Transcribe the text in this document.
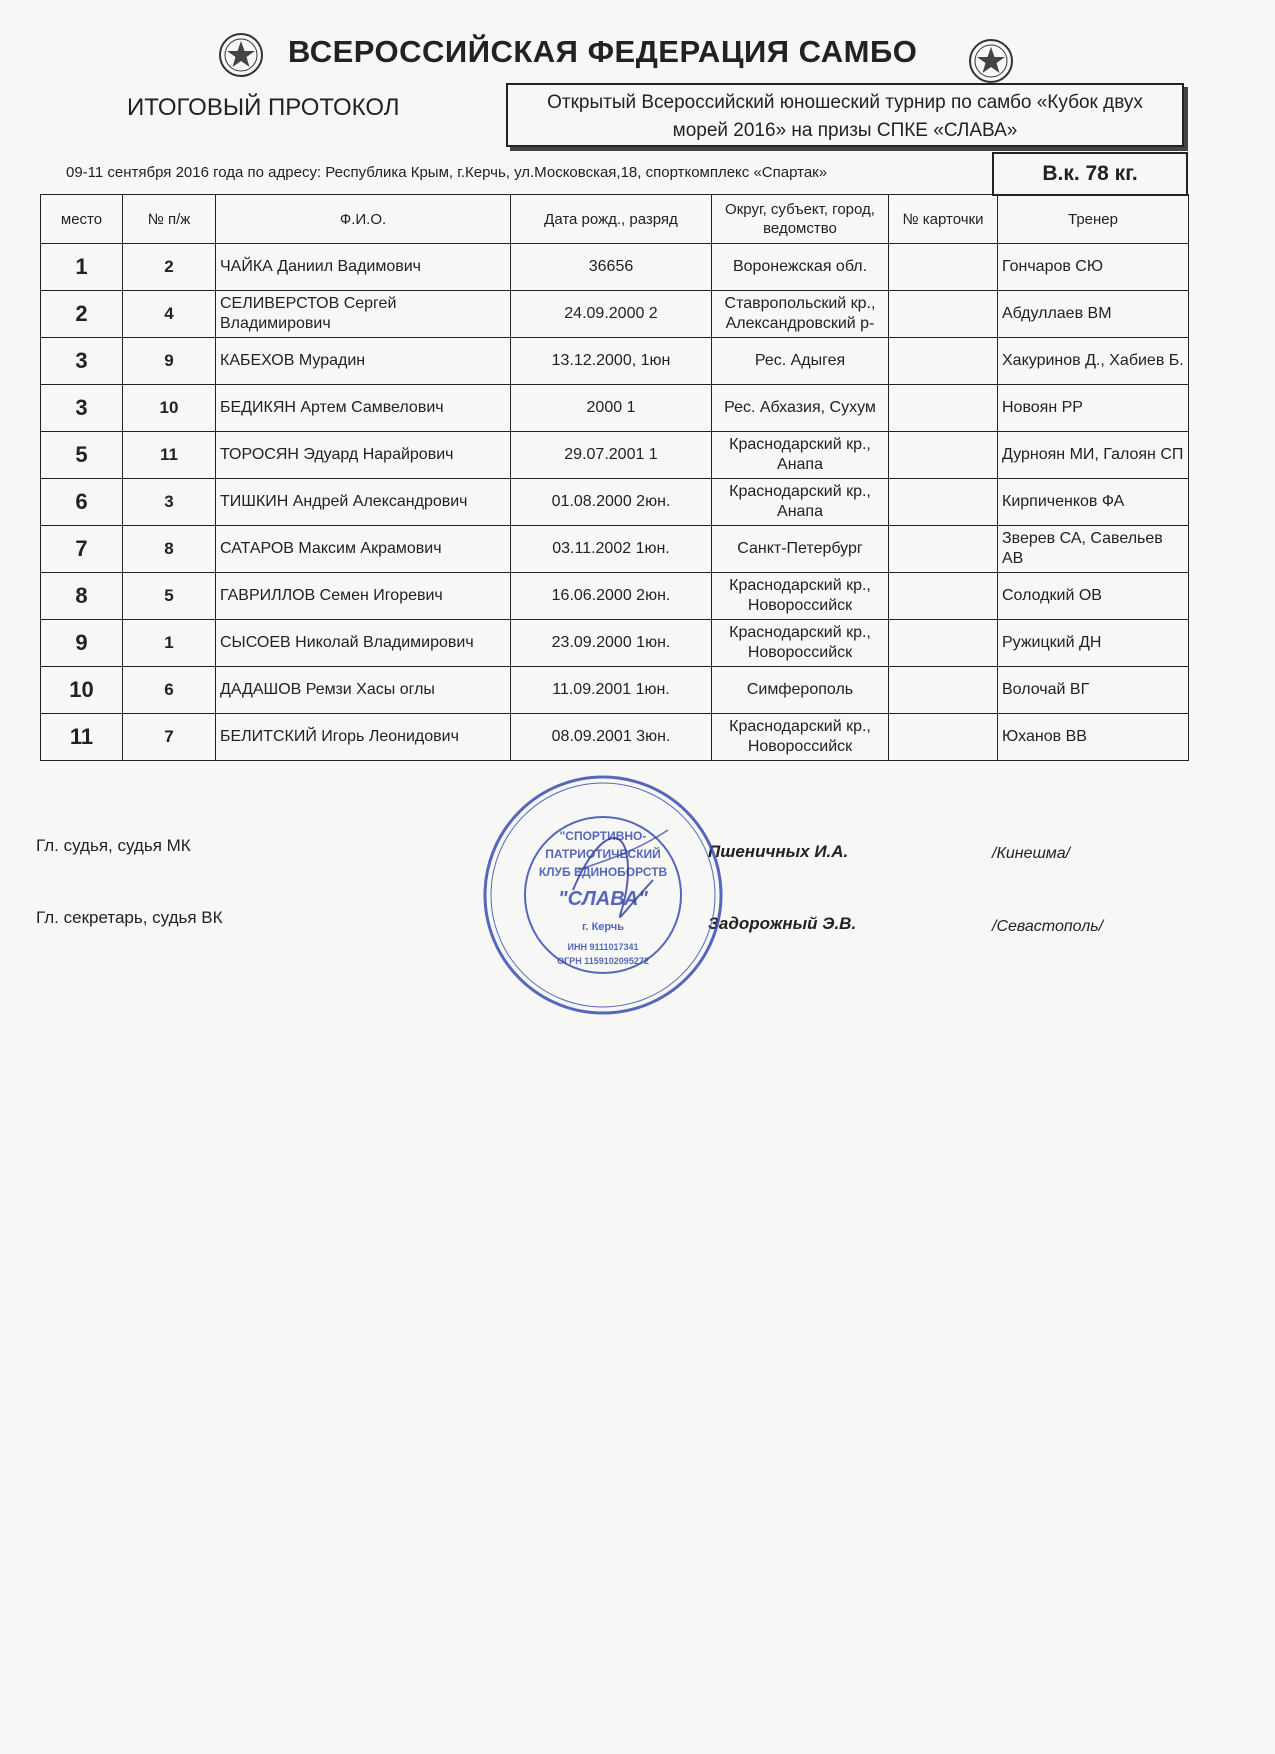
ВСЕРОССИЙСКАЯ ФЕДЕРАЦИЯ САМБО
ИТОГОВЫЙ ПРОТОКОЛ	Открытый Всероссийский юношеский турнир по самбо «Кубок двух
морей 2016» на призы СПКЕ «СЛАВА»
09-11 сентября 2016 года по адресу: Республика Крым, г.Керчь, ул.Московская,18, спорткомплекс «Спартак»	В.к. 78 кг.
место	№ п/ж	Ф.И.О.	Дата рожд., разряд	Округ, субъект, город, ведомство	№ карточки	Тренер
1	2	ЧАЙКА Даниил Вадимович	36656	Воронежская обл.		Гончаров СЮ
2	4	СЕЛИВЕРСТОВ Сергей Владимирович	24.09.2000 2	Ставропольский кр., Александровский р-		Абдуллаев ВМ
3	9	КАБЕХОВ Мурадин	13.12.2000, 1юн	Рес. Адыгея		Хакуринов Д., Хабиев Б.
3	10	БЕДИКЯН Артем Самвелович	2000 1	Рес. Абхазия, Сухум		Новоян РР
5	11	ТОРОСЯН Эдуард Нарайрович	29.07.2001 1	Краснодарский кр., Анапа		Дурноян МИ, Галоян СП
6	3	ТИШКИН Андрей Александрович	01.08.2000 2юн.	Краснодарский кр., Анапа		Кирпиченков ФА
7	8	САТАРОВ Максим Акрамович	03.11.2002 1юн.	Санкт-Петербург		Зверев СА, Савельев АВ
8	5	ГАВРИЛЛОВ Семен Игоревич	16.06.2000 2юн.	Краснодарский кр., Новороссийск		Солодкий ОВ
9	1	СЫСОЕВ Николай Владимирович	23.09.2000 1юн.	Краснодарский кр., Новороссийск		Ружицкий ДН
10	6	ДАДАШОВ Ремзи Хасы оглы	11.09.2001 1юн.	Симферополь		Волочай ВГ
11	7	БЕЛИТСКИЙ Игорь Леонидович	08.09.2001 3юн.	Краснодарский кр., Новороссийск		Юханов ВВ
Гл. судья, судья МК	Пшеничных И.А.	/Кинешма/
Гл. секретарь, судья ВК	Задорожный Э.В.	/Севастополь/
"СПОРТИВНО-
ПАТРИОТИЧЕСКИЙ
КЛУБ ЕДИНОБОРСТВ
"СЛАВА"
г. Керчь
ИНН 9111017341
ОГРН 1159102095272
